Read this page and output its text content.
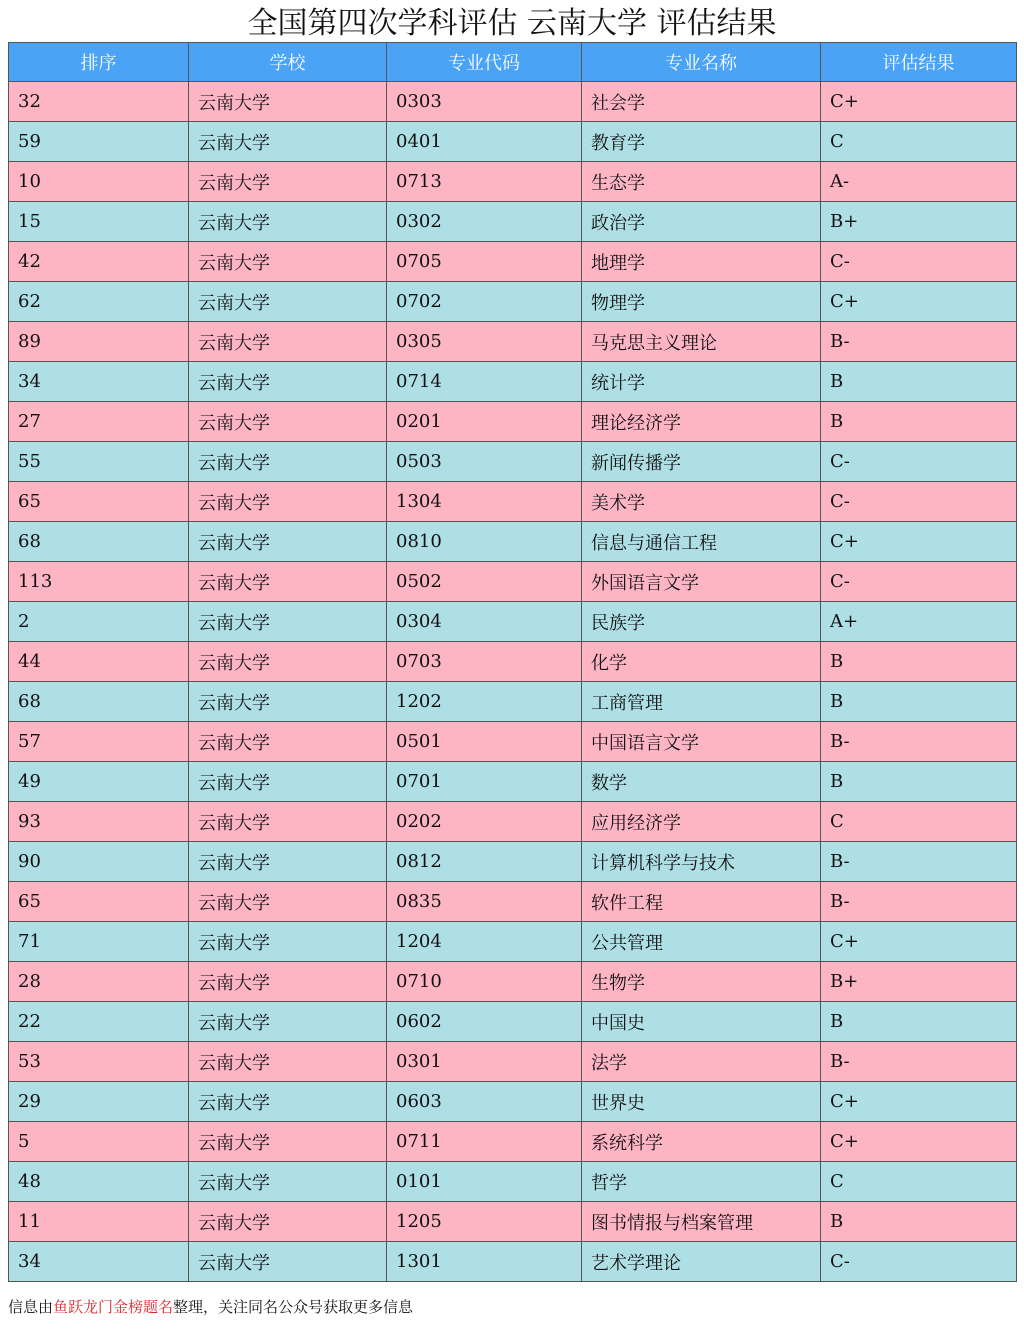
全国第四次学科评估 云南大学 评估结果
排序	学校	专业代码	专业名称	评估结果
32	云南大学	0303	社会学	C+
59	云南大学	0401	教育学	C
10	云南大学	0713	生态学	A-
15	云南大学	0302	政治学	B+
42	云南大学	0705	地理学	C-
62	云南大学	0702	物理学	C+
89	云南大学	0305	马克思主义理论	B-
34	云南大学	0714	统计学	B
27	云南大学	0201	理论经济学	B
55	云南大学	0503	新闻传播学	C-
65	云南大学	1304	美术学	C-
68	云南大学	0810	信息与通信工程	C+
113	云南大学	0502	外国语言文学	C-
2	云南大学	0304	民族学	A+
44	云南大学	0703	化学	B
68	云南大学	1202	工商管理	B
57	云南大学	0501	中国语言文学	B-
49	云南大学	0701	数学	B
93	云南大学	0202	应用经济学	C
90	云南大学	0812	计算机科学与技术	B-
65	云南大学	0835	软件工程	B-
71	云南大学	1204	公共管理	C+
28	云南大学	0710	生物学	B+
22	云南大学	0602	中国史	B
53	云南大学	0301	法学	B-
29	云南大学	0603	世界史	C+
5	云南大学	0711	系统科学	C+
48	云南大学	0101	哲学	C
11	云南大学	1205	图书情报与档案管理	B
34	云南大学	1301	艺术学理论	C-
信息由鱼跃龙门金榜题名整理，关注同名公众号获取更多信息
